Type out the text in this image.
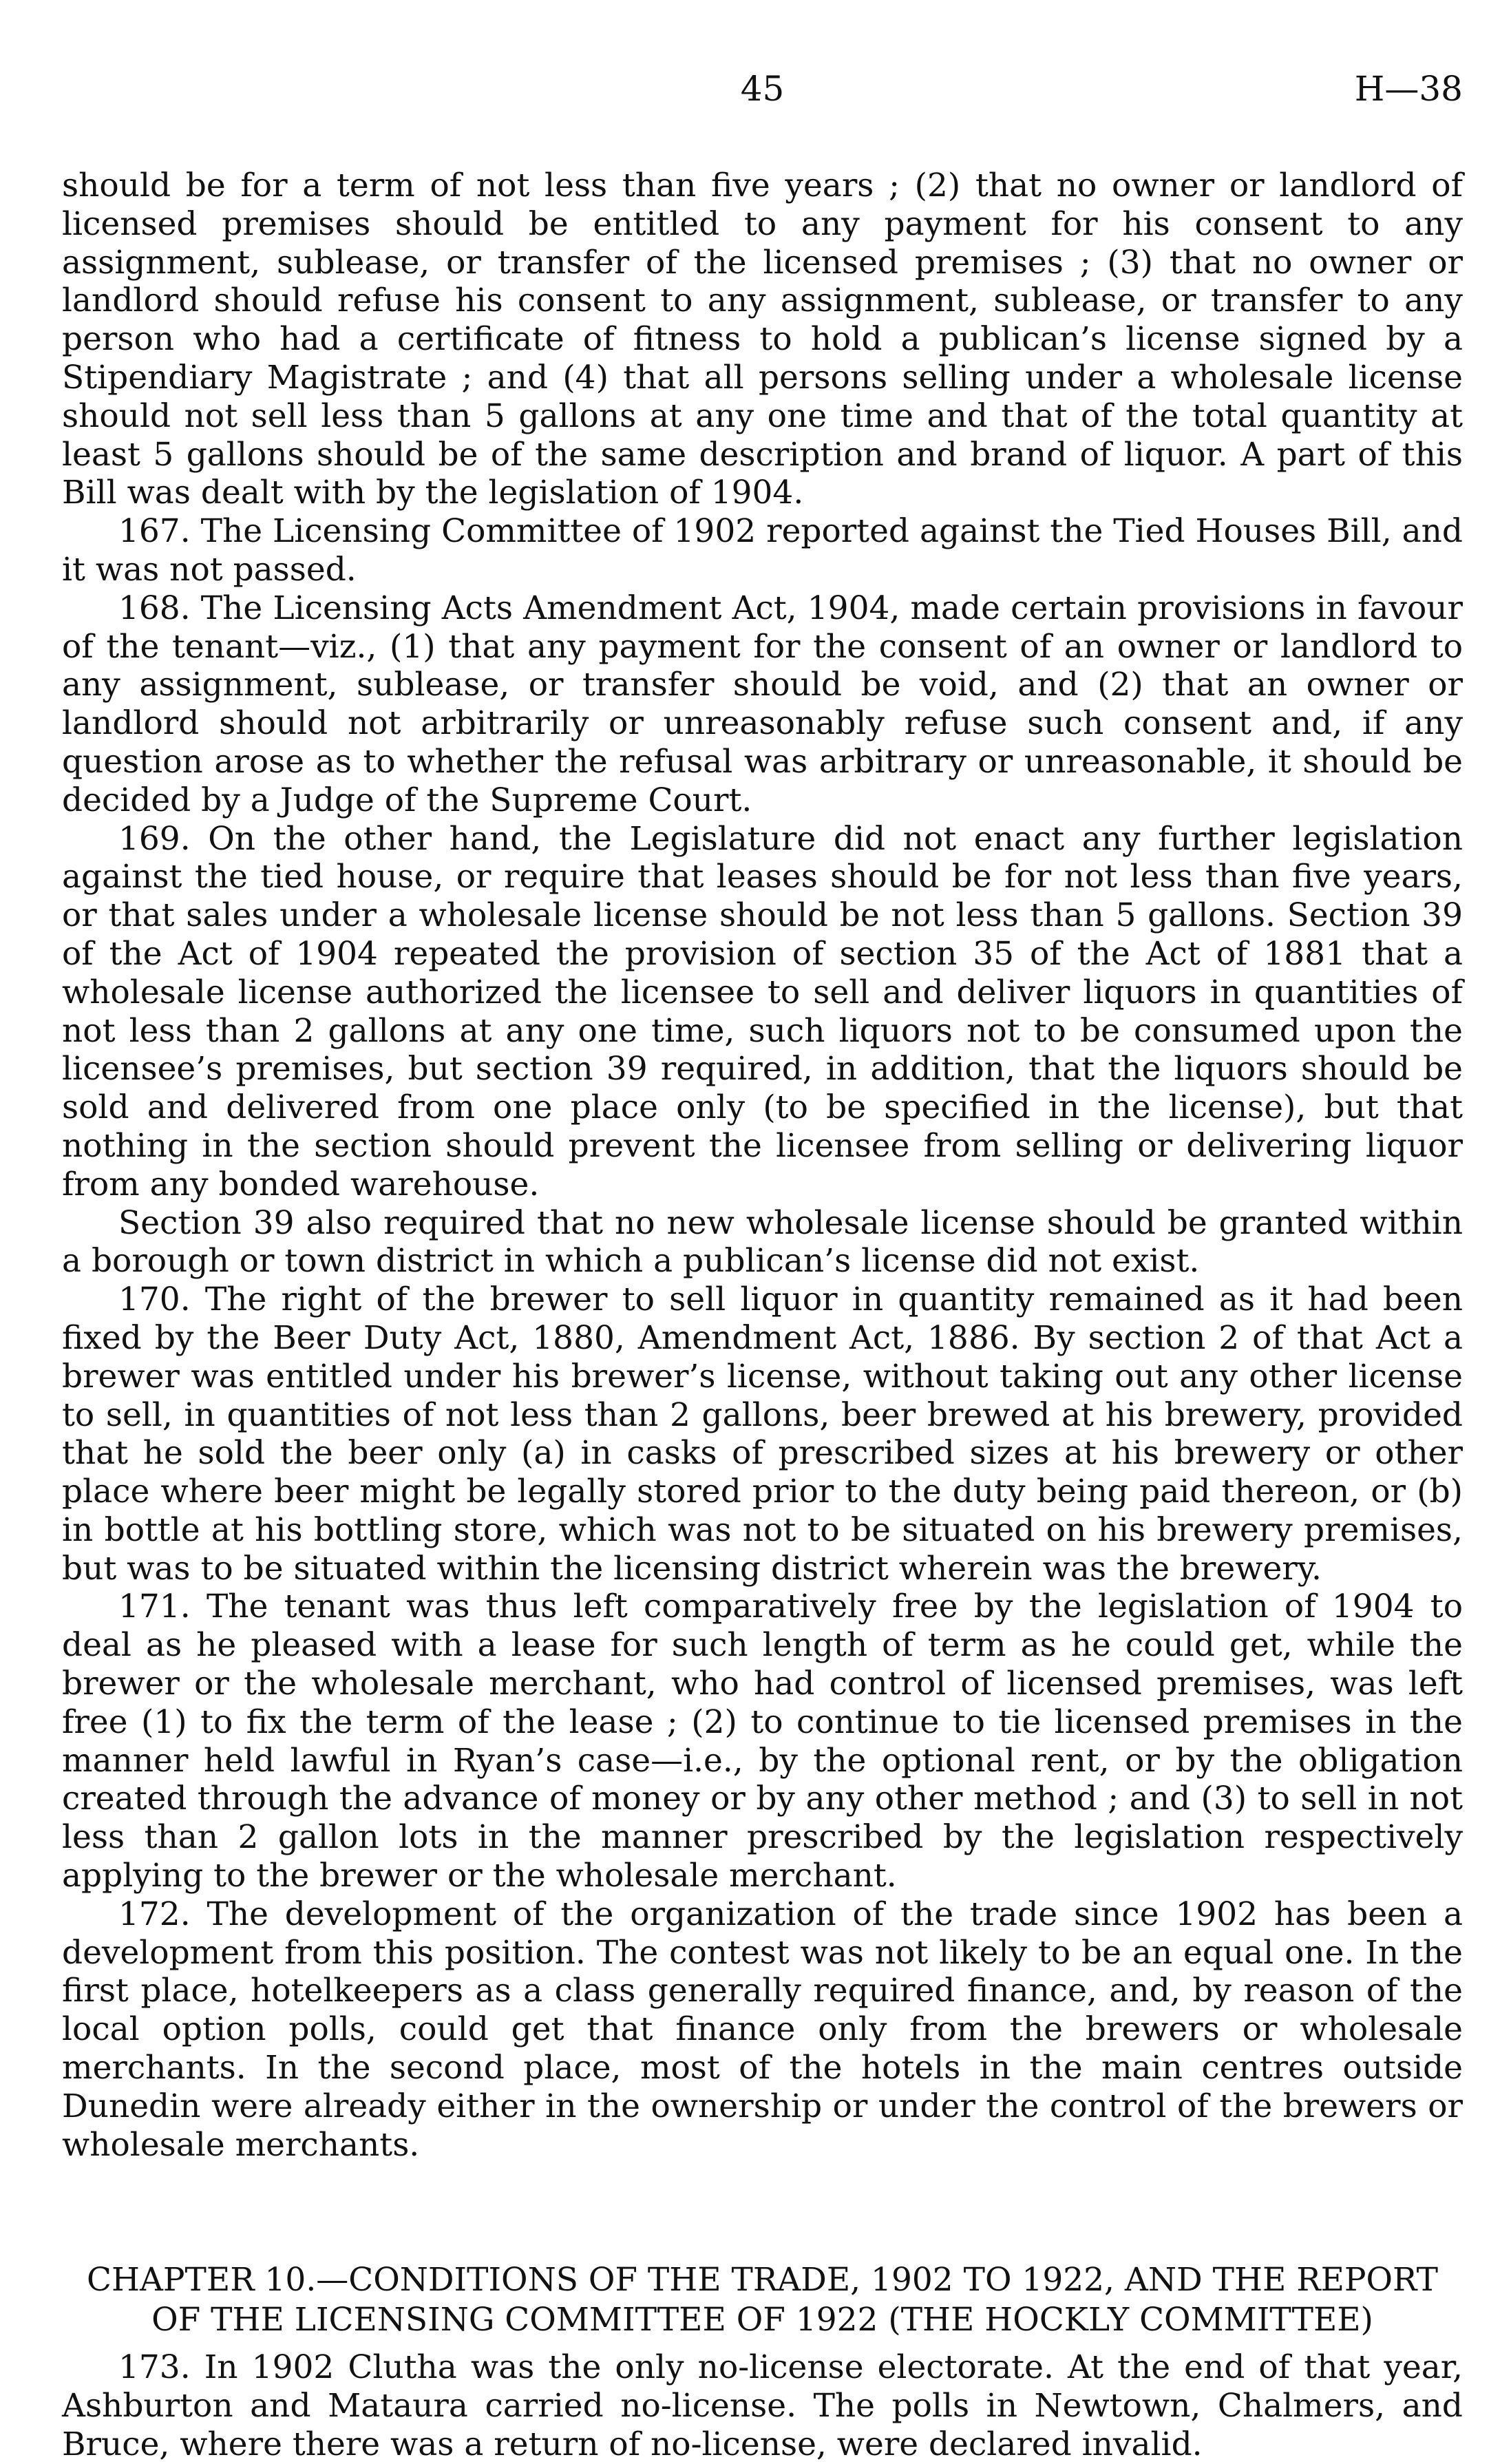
45	H—38

should be for a term of not less than five years ; (2) that no owner or landlord of licensed premises should be entitled to any payment for his consent to any assignment, sublease, or transfer of the licensed premises ; (3) that no owner or landlord should refuse his consent to any assignment, sublease, or transfer to any person who had a certificate of fitness to hold a publican’s license signed by a Stipendiary Magistrate ; and (4) that all persons selling under a wholesale license should not sell less than 5 gallons at any one time and that of the total quantity at least 5 gallons should be of the same description and brand of liquor. A part of this Bill was dealt with by the legislation of 1904.

167. The Licensing Committee of 1902 reported against the Tied Houses Bill, and it was not passed.

168. The Licensing Acts Amendment Act, 1904, made certain provisions in favour of the tenant—viz., (1) that any payment for the consent of an owner or landlord to any assignment, sublease, or transfer should be void, and (2) that an owner or landlord should not arbitrarily or unreasonably refuse such consent and, if any question arose as to whether the refusal was arbitrary or unreasonable, it should be decided by a Judge of the Supreme Court.

169. On the other hand, the Legislature did not enact any further legislation against the tied house, or require that leases should be for not less than five years, or that sales under a wholesale license should be not less than 5 gallons. Section 39 of the Act of 1904 repeated the provision of section 35 of the Act of 1881 that a wholesale license authorized the licensee to sell and deliver liquors in quantities of not less than 2 gallons at any one time, such liquors not to be consumed upon the licensee’s premises, but section 39 required, in addition, that the liquors should be sold and delivered from one place only (to be specified in the license), but that nothing in the section should prevent the licensee from selling or delivering liquor from any bonded warehouse.

Section 39 also required that no new wholesale license should be granted within a borough or town district in which a publican’s license did not exist.

170. The right of the brewer to sell liquor in quantity remained as it had been fixed by the Beer Duty Act, 1880, Amendment Act, 1886. By section 2 of that Act a brewer was entitled under his brewer’s license, without taking out any other license to sell, in quantities of not less than 2 gallons, beer brewed at his brewery, provided that he sold the beer only (a) in casks of prescribed sizes at his brewery or other place where beer might be legally stored prior to the duty being paid thereon, or (b) in bottle at his bottling store, which was not to be situated on his brewery premises, but was to be situated within the licensing district wherein was the brewery.

171. The tenant was thus left comparatively free by the legislation of 1904 to deal as he pleased with a lease for such length of term as he could get, while the brewer or the wholesale merchant, who had control of licensed premises, was left free (1) to fix the term of the lease ; (2) to continue to tie licensed premises in the manner held lawful in Ryan’s case—i.e., by the optional rent, or by the obligation created through the advance of money or by any other method ; and (3) to sell in not less than 2 gallon lots in the manner prescribed by the legislation respectively applying to the brewer or the wholesale merchant.

172. The development of the organization of the trade since 1902 has been a development from this position. The contest was not likely to be an equal one. In the first place, hotelkeepers as a class generally required finance, and, by reason of the local option polls, could get that finance only from the brewers or wholesale merchants. In the second place, most of the hotels in the main centres outside Dunedin were already either in the ownership or under the control of the brewers or wholesale merchants.

CHAPTER 10.—CONDITIONS OF THE TRADE, 1902 TO 1922, AND THE REPORT
OF THE LICENSING COMMITTEE OF 1922 (THE HOCKLY COMMITTEE)

173. In 1902 Clutha was the only no-license electorate. At the end of that year, Ashburton and Mataura carried no-license. The polls in Newtown, Chalmers, and Bruce, where there was a return of no-license, were declared invalid.
